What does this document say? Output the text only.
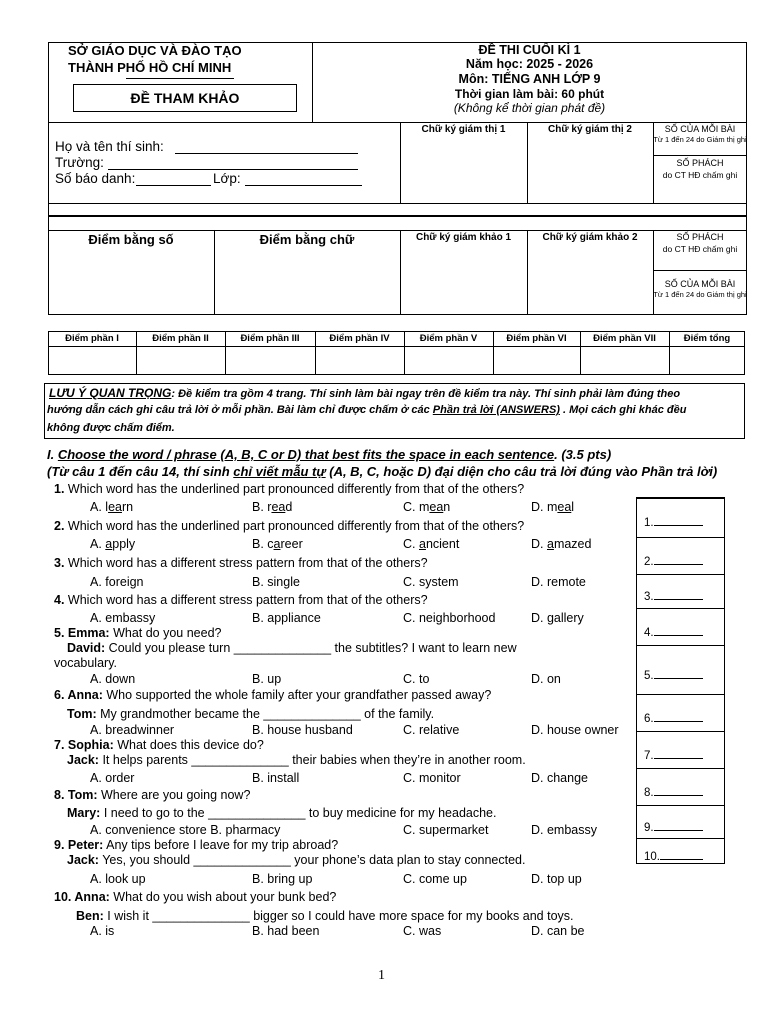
SỞ GIÁO DỤC VÀ ĐÀO TẠO
THÀNH PHỐ HỒ CHÍ MINH
ĐỀ THAM KHẢO
ĐỀ THI CUỐI KÌ 1
Năm học: 2025 - 2026
Môn: TIẾNG ANH LỚP 9
Thời gian làm bài: 60 phút
(Không kể thời gian phát đề)
Họ và tên thí sinh:
Trường:
Số báo danh:	Lớp:
Chữ ký giám thị 1	Chữ ký giám thị 2	SỐ CỦA MỖI BÀI
Từ 1 đến 24 do Giám thị ghi
SỐ PHÁCH
do CT HĐ chấm ghi
Điểm bằng số	Điểm bằng chữ	Chữ ký giám khảo 1	Chữ ký giám khảo 2	SỐ PHÁCH
do CT HĐ chấm ghi
SỐ CỦA MỖI BÀI
Từ 1 đến 24 do Giám thị ghi
Điểm phần I	Điểm phần II	Điểm phần III	Điểm phần IV	Điểm phần V	Điểm phần VI	Điểm phần VII	Điểm tổng
LƯU Ý QUAN TRỌNG: Đề kiểm tra gồm 4 trang. Thí sinh làm bài ngay trên đề kiểm tra này. Thí sinh phải làm đúng theo
hướng dẫn cách ghi câu trả lời ở mỗi phần. Bài làm chỉ được chấm ở các Phần trả lời (ANSWERS) . Mọi cách ghi khác đều
không được chấm điểm.
I. Choose the word / phrase (A, B, C or D) that best fits the space in each sentence. (3.5 pts)
(Từ câu 1 đến câu 14, thí sinh chỉ viết mẫu tự (A, B, C, hoặc D) đại diện cho câu trả lời đúng vào Phần trả lời)
1.
2.
3.
4.
5.
6.
7.
8.
9.
10.
1. Which word has the underlined part pronounced differently from that of the others?
A. learn	B. read	C. mean	D. meal
2. Which word has the underlined part pronounced differently from that of the others?
A. apply	B. career	C. ancient	D. amazed
3. Which word has a different stress pattern from that of the others?
A. foreign	B. single	C. system	D. remote
4. Which word has a different stress pattern from that of the others?
A. embassy	B. appliance	C. neighborhood	D. gallery
5. Emma: What do you need?
David: Could you please turn ______________ the subtitles? I want to learn new
vocabulary.
A. down	B. up	C. to	D. on
6. Anna: Who supported the whole family after your grandfather passed away?
Tom: My grandmother became the ______________ of the family.
A. breadwinner	B. house husband	C. relative	D. house owner
7. Sophia: What does this device do?
Jack: It helps parents ______________ their babies when they’re in another room.
A. order	B. install	C. monitor	D. change
8. Tom: Where are you going now?
Mary: I need to go to the ______________ to buy medicine for my headache.
A. convenience store B. pharmacy	C. supermarket	D. embassy
9. Peter: Any tips before I leave for my trip abroad?
Jack: Yes, you should ______________ your phone’s data plan to stay connected.
A. look up	B. bring up	C. come up	D. top up
10. Anna: What do you wish about your bunk bed?
Ben: I wish it ______________ bigger so I could have more space for my books and toys.
A. is	B. had been	C. was	D. can be
1
